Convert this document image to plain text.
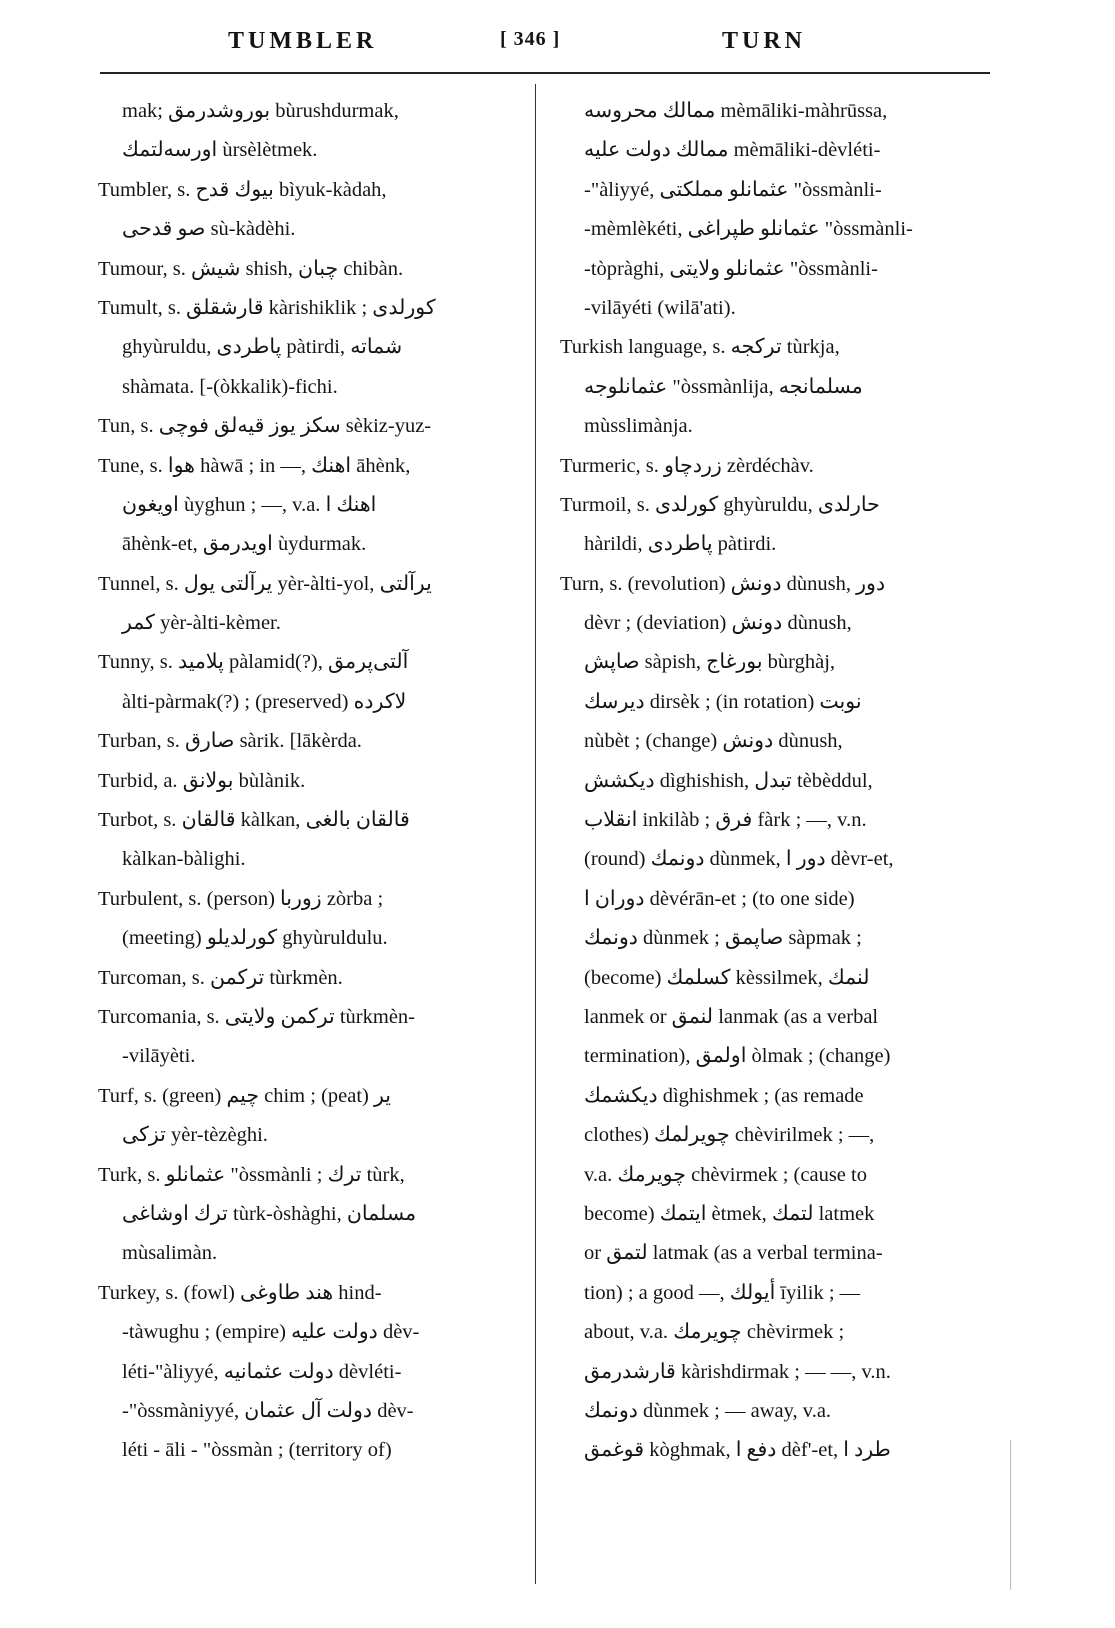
TUMBLER	[ 346 ]	TURN
mak; بوروشدرمق bùrushdurmak,
اورسه‌لتمك ùrsèlètmek.
Tumbler, s. بيوك قدح bìyuk-kàdah,
صو قدحى sù-kàdèhi.
Tumour, s. شيش shish, چبان chibàn.
Tumult, s. قارشقلق kàrishiklik ; كورلدى
ghyùruldu, پاطردى pàtirdi, شماته
shàmata. [-(òkkalik)-fichi.
Tun, s. سكز يوز قيه‌لق فوچى sèkiz-yuz-
Tune, s. هوا hàwā ; in —, اهنك āhènk,
اويغون ùyghun ; —, v.a. اهنك ا
āhènk-et, اويدرمق ùydurmak.
Tunnel, s. يرآلتى يول yèr-àlti-yol, يرآلتى
كمر yèr-àlti-kèmer.
Tunny, s. پلاميد pàlamid(?), آلتى‌پرمق
àlti-pàrmak(?) ; (preserved) لاكرده
Turban, s. صارق sàrik. [lākèrda.
Turbid, a. بولانق bùlànik.
Turbot, s. قالقان kàlkan, قالقان بالغى
kàlkan-bàlighi.
Turbulent, s. (person) زوربا zòrba ;
(meeting) كورلديلو ghyùruldulu.
Turcoman, s. تركمن tùrkmèn.
Turcomania, s. تركمن ولايتى tùrkmèn-
-vilāyèti.
Turf, s. (green) چيم chim ; (peat) ير
تزكى yèr-tèzèghi.
Turk, s. عثمانلو "òssmànli ; ترك tùrk,
ترك اوشاغى tùrk-òshàghi, مسلمان
mùsalimàn.
Turkey, s. (fowl) هند طاوغى hind-
-tàwughu ; (empire) دولت عليه dèv-
léti-"àliyyé, دولت عثمانيه dèvléti-
-"òssmàniyyé, دولت آل عثمان dèv-
léti - āli - "òssmàn ; (territory of)
ممالك محروسه mèmāliki-màhrūssa,
ممالك دولت عليه mèmāliki-dèvléti-
-"àliyyé, عثمانلو مملكتى "òssmànli-
-mèmlèkéti, عثمانلو طپراغى "òssmànli-
-tòpràghi, عثمانلو ولايتى "òssmànli-
-vilāyéti (wilā'ati).
Turkish language, s. تركجه tùrkja,
عثمانلوجه "òssmànlija, مسلمانجه
mùsslimànja.
Turmeric, s. زردچاو zèrdéchàv.
Turmoil, s. كورلدى ghyùruldu, حارلدى
hàrildi, پاطردى pàtirdi.
Turn, s. (revolution) دونش dùnush, دور
dèvr ; (deviation) دونش dùnush,
صاپش sàpish, بورغاج bùrghàj,
ديرسك dirsèk ; (in rotation) نوبت
nùbèt ; (change) دونش dùnush,
ديكشش dìghishish, تبدل tèbèddul,
انقلاب inkilàb ; فرق fàrk ; —, v.n.
(round) دونمك dùnmek, دور ا dèvr-et,
دوران ا dèvérān-et ; (to one side)
دونمك dùnmek ; صاپمق sàpmak ;
(become) كسلمك kèssilmek, لنمك
lanmek or لنمق lanmak (as a verbal
termination), اولمق òlmak ; (change)
ديكشمك dìghishmek ; (as remade
clothes) چويرلمك chèvirilmek ; —,
v.a. چويرمك chèvirmek ; (cause to
become) ايتمك ètmek, لتمك latmek
or لتمق latmak (as a verbal termina-
tion) ; a good —, أيولك īyilik ; —
about, v.a. چويرمك chèvirmek ;
قارشدرمق kàrishdirmak ; — —, v.n.
دونمك dùnmek ; — away, v.a.
قوغمق kòghmak, دفع ا dèf'-et, طرد ا
